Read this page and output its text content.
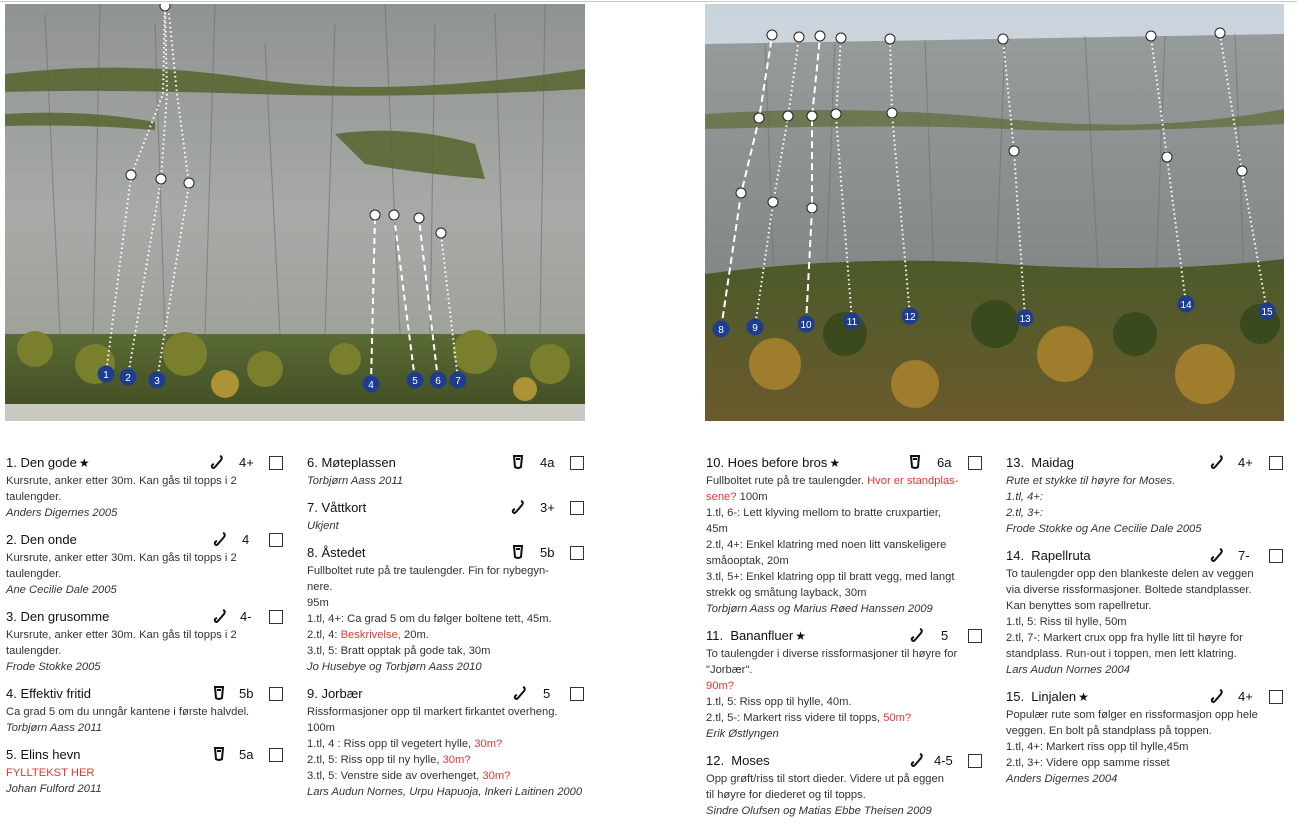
1 2 3	4	5 6 7
8	9	10	11	12	13
14
15
1. Den gode ★	4+
Kursrute, anker etter 30m. Kan gås til topps i 2 taulengder.
Anders Digernes 2005
2. Den onde	4
Kursrute, anker etter 30m. Kan gås til topps i 2 taulengder.
Ane Cecilie Dale 2005
3. Den grusomme	4-
Kursrute, anker etter 30m. Kan gås til topps i 2 taulengder.
Frode Stokke 2005
4. Effektiv fritid	5b
Ca grad 5 om du unngår kantene i første halvdel.
Torbjørn Aass 2011
5. Elins hevn	5a
FYLLTEKST HER
Johan Fulford 2011
6. Møteplassen	4a
Torbjørn Aass 2011
7. Våttkort	3+
Ukjent
8. Åstedet	5b
Fullboltet rute på tre taulengder. Fin for nybegyn-
nere.
95m
1.tl, 4+: Ca grad 5 om du følger boltene tett, 45m.
2.tl, 4: Beskrivelse, 20m.
3.tl, 5: Bratt opptak på gode tak, 30m
Jo Husebye og Torbjørn Aass 2010
9. Jorbær	5
Rissformasjoner opp til markert firkantet overheng.
100m
1.tl, 4 : Riss opp til vegetert hylle, 30m?
2.tl, 5: Riss opp til ny hylle, 30m?
3.tl, 5: Venstre side av overhenget, 30m?
Lars Audun Nornes, Urpu Hapuoja, Inkeri Laitinen 2000
10. Hoes before bros ★	6a
Fullboltet rute på tre taulengder. Hvor er standplas-
sene? 100m
1.tl, 6-: Lett klyving mellom to bratte cruxpartier,
45m
2.tl, 4+: Enkel klatring med noen litt vanskeligere
småooptak, 20m
3.tl, 5+: Enkel klatring opp til bratt vegg, med langt
strekk og småtung layback, 30m
Torbjørn Aass og Marius Røed Hanssen 2009
11.  Bananfluer ★	5
To taulengder i diverse rissformasjoner til høyre for
"Jorbær".
90m?
1.tl, 5: Riss opp til hylle, 40m.
2.tl, 5-: Markert riss videre til topps, 50m?
Erik Østlyngen
12.  Moses	4-5
Opp grøft/riss til stort dieder. Videre ut på eggen
til høyre for diederet og til topps.
Sindre Olufsen og Matias Ebbe Theisen 2009
13.  Maidag	4+
Rute et stykke til høyre for Moses.
1.tl, 4+:
2.tl, 3+:
Frode Stokke og Ane Cecilie Dale 2005
14.  Rapellruta	7-
To taulengder opp den blankeste delen av veggen
via diverse rissformasjoner. Boltede standplasser.
Kan benyttes som rapellretur.
1.tl, 5: Riss til hylle, 50m
2.tl, 7-: Markert crux opp fra hylle litt til høyre for
standplass. Run-out i toppen, men lett klatring.
Lars Audun Nornes 2004
15.  Linjalen ★	4+
Populær rute som følger en rissformasjon opp hele
veggen. En bolt på standplass på toppen.
1.tl, 4+: Markert riss opp til hylle,45m
2.tl, 3+: Videre opp samme risset
Anders Digernes 2004
